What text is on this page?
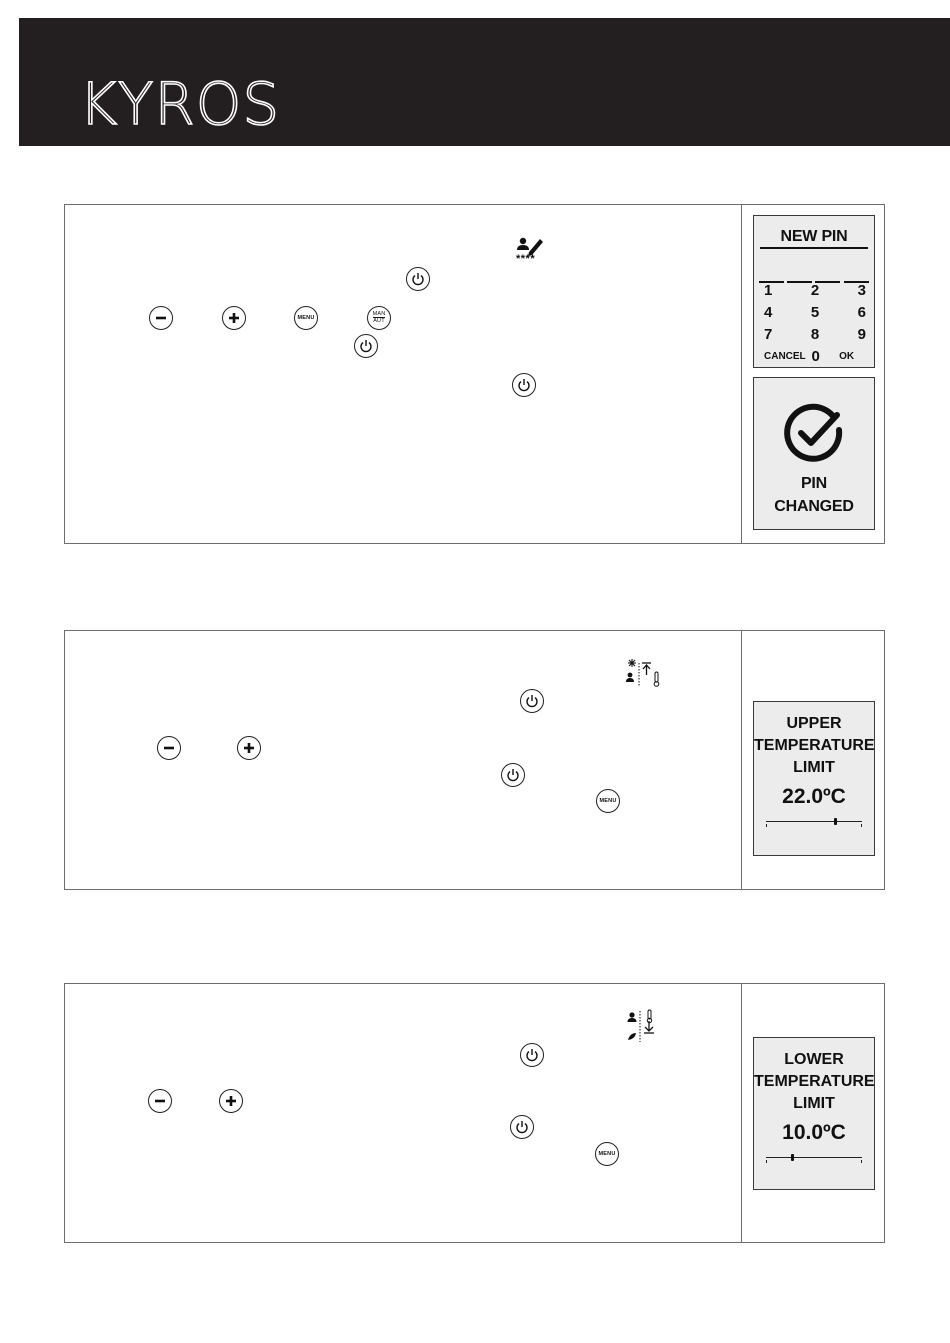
KYROS
****
MENU
MAN
AUT
NEW PIN
1	2	3
4	5	6
7	8	9
CANCEL 0	OK
PIN
CHANGED
MENU
UPPER
TEMPERATURE
LIMIT
22.0ºC
MENU
LOWER
TEMPERATURE
LIMIT
10.0ºC
